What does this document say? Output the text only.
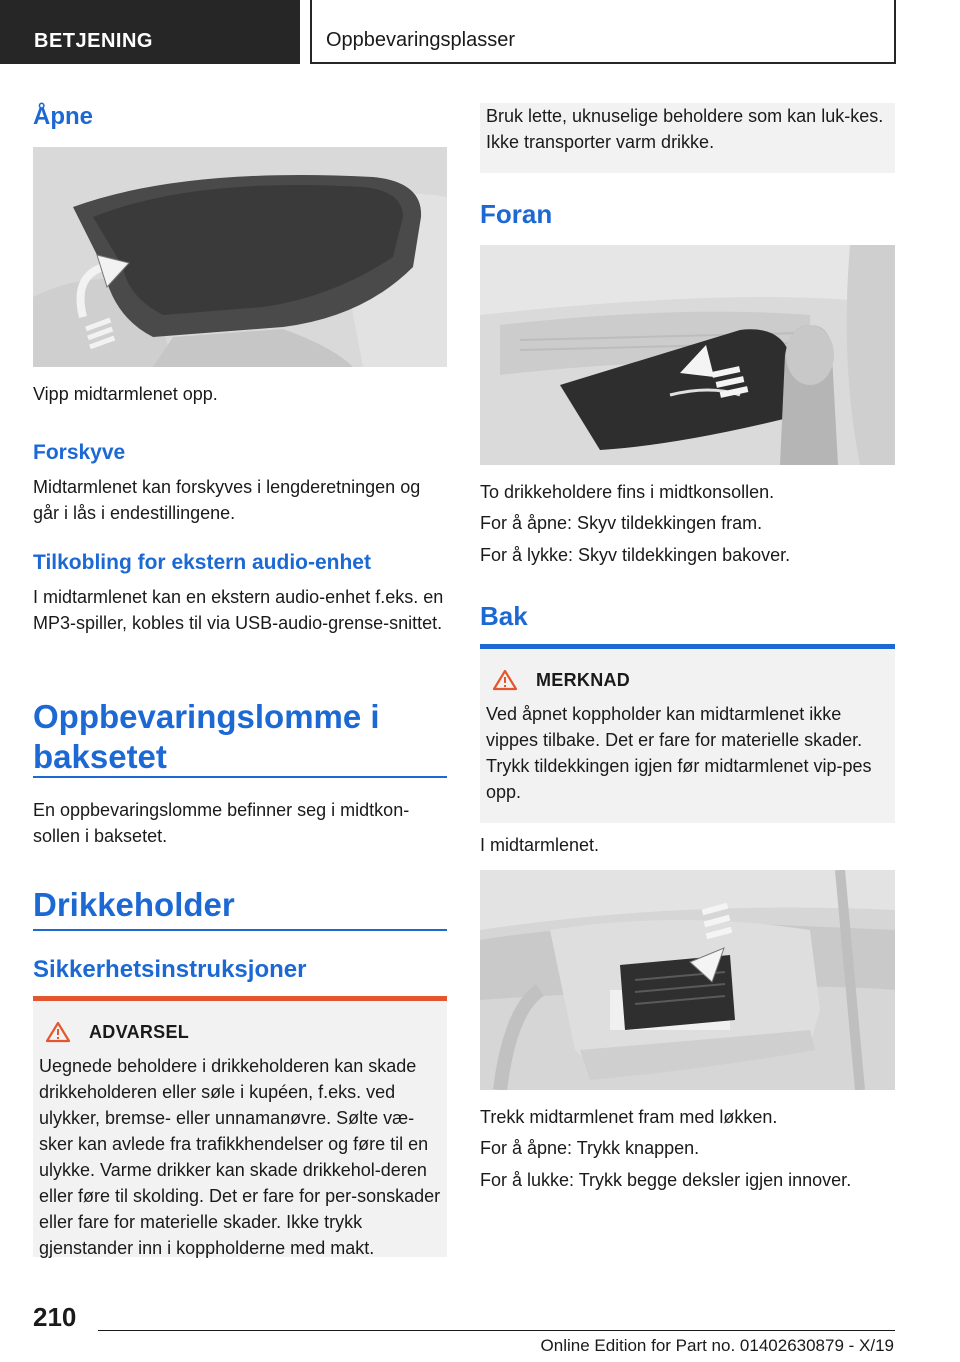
BETJENING	Oppbevaringsplasser
Åpne
Vipp midtarmlenet opp.
Forskyve
Midtarmlenet kan forskyves i lengderetningen og går i lås i endestillingene.
Tilkobling for ekstern audio-enhet
I midtarmlenet kan en ekstern audio-enhet f.eks. en MP3-spiller, kobles til via USB-audio-grense-snittet.
Oppbevaringslomme i baksetet
En oppbevaringslomme befinner seg i midtkon-sollen i baksetet.
Drikkeholder
Sikkerhetsinstruksjoner
ADVARSEL
Uegnede beholdere i drikkeholderen kan skade drikkeholderen eller søle i kupéen, f.eks. ved ulykker, bremse- eller unnamanøvre. Sølte væ-sker kan avlede fra trafikkhendelser og føre til en ulykke. Varme drikker kan skade drikkehol-deren eller føre til skolding. Det er fare for per-sonskader eller fare for materielle skader. Ikke trykk gjenstander inn i koppholderne med makt.
Bruk lette, uknuselige beholdere som kan luk-kes. Ikke transporter varm drikke.
Foran
To drikkeholdere fins i midtkonsollen.
For å åpne: Skyv tildekkingen fram.
For å lykke: Skyv tildekkingen bakover.
Bak
MERKNAD
Ved åpnet koppholder kan midtarmlenet ikke vippes tilbake. Det er fare for materielle skader. Trykk tildekkingen igjen før midtarmlenet vip-pes opp.
I midtarmlenet.
Trekk midtarmlenet fram med løkken.
For å åpne: Trykk knappen.
For å lukke: Trykk begge deksler igjen innover.
210
Online Edition for Part no. 01402630879 - X/19
